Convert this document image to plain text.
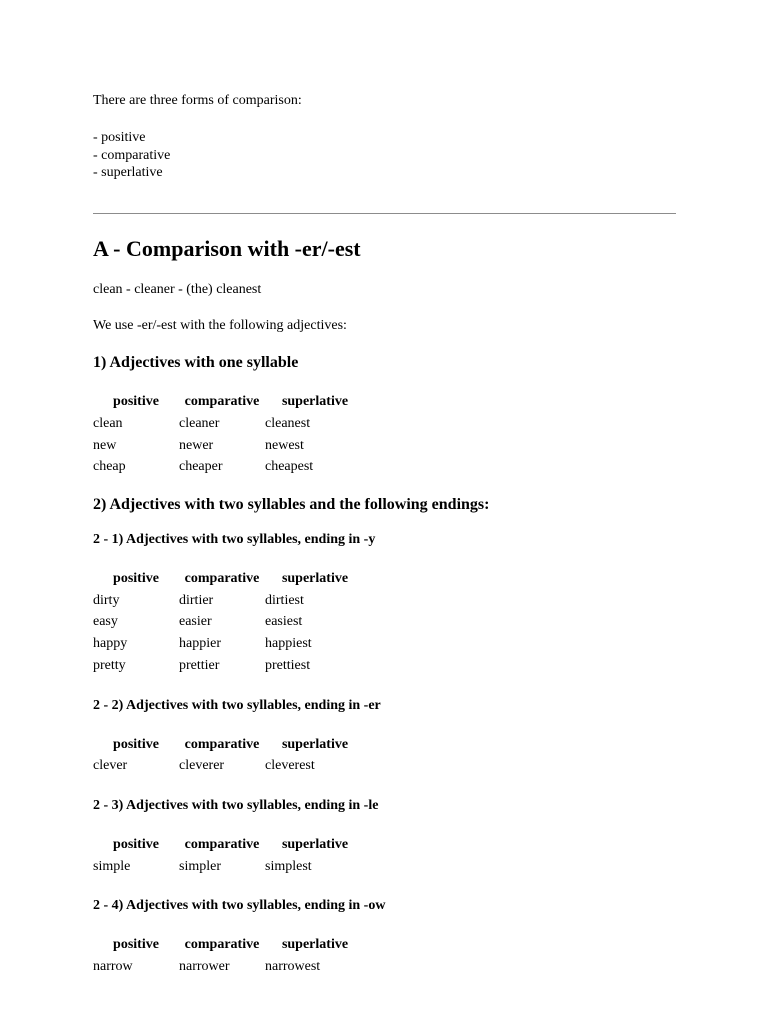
There are three forms of comparison:

- positive
- comparative
- superlative
A - Comparison with -er/-est

clean - cleaner - (the) cleanest

We use -er/-est with the following adjectives:

1) Adjectives with one syllable
positive	comparative	superlative
clean	cleaner	cleanest
new	newer	newest
cheap	cheaper	cheapest
2) Adjectives with two syllables and the following endings:
2 - 1) Adjectives with two syllables, ending in -y
positive	comparative	superlative
dirty	dirtier	dirtiest
easy	easier	easiest
happy	happier	happiest
pretty	prettier	prettiest
2 - 2) Adjectives with two syllables, ending in -er
positive	comparative	superlative
clever	cleverer	cleverest
2 - 3) Adjectives with two syllables, ending in -le
positive	comparative	superlative
simple	simpler	simplest
2 - 4) Adjectives with two syllables, ending in -ow
positive	comparative	superlative
narrow	narrower	narrowest
